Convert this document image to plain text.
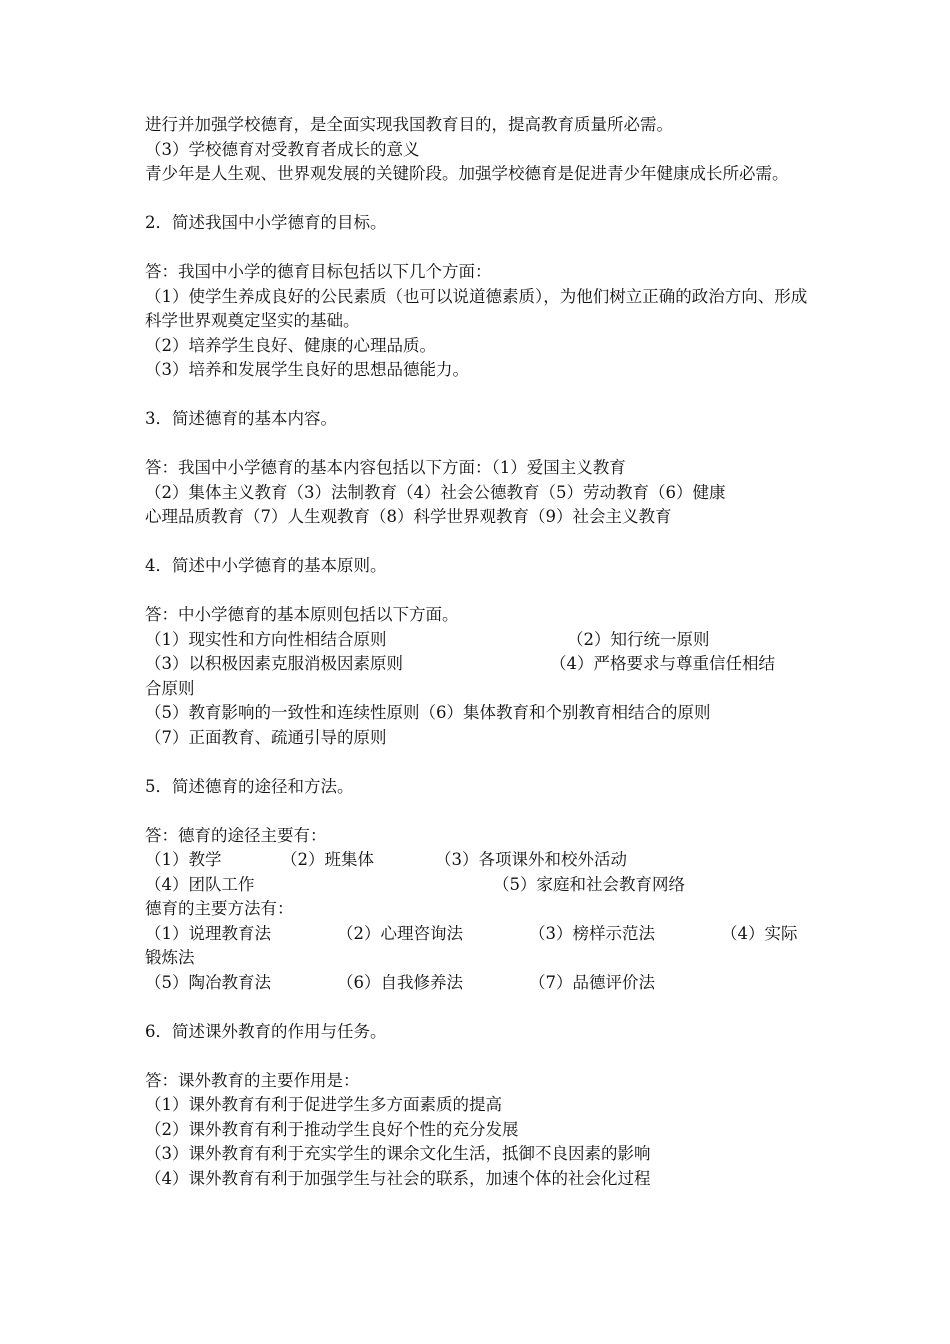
进行并加强学校德育，是全面实现我国教育目的，提高教育质量所必需。
（3）学校德育对受教育者成长的意义
青少年是人生观、世界观发展的关键阶段。加强学校德育是促进青少年健康成长所必需。
2．简述我国中小学德育的目标。
答：我国中小学的德育目标包括以下几个方面：
（1）使学生养成良好的公民素质（也可以说道德素质），为他们树立正确的政治方向、形成科学世界观奠定坚实的基础。
（2）培养学生良好、健康的心理品质。
（3）培养和发展学生良好的思想品德能力。
3．简述德育的基本内容。
答：我国中小学德育的基本内容包括以下方面：（1）爱国主义教育
（2）集体主义教育（3）法制教育（4）社会公德教育（5）劳动教育（6）健康
心理品质教育（7）人生观教育（8）科学世界观教育（9）社会主义教育
4．简述中小学德育的基本原则。
答：中小学德育的基本原则包括以下方面。
（1）现实性和方向性相结合原则	（2）知行统一原则
（3）以积极因素克服消极因素原则	（4）严格要求与尊重信任相结
合原则
（5）教育影响的一致性和连续性原则（6）集体教育和个别教育相结合的原则
（7）正面教育、疏通引导的原则
5．简述德育的途径和方法。
答：德育的途径主要有：
（1）教学	（2）班集体	（3）各项课外和校外活动
（4）团队工作	（5）家庭和社会教育网络
德育的主要方法有：
（1）说理教育法	（2）心理咨询法	（3）榜样示范法	（4）实际
锻炼法
（5）陶冶教育法	（6）自我修养法	（7）品德评价法
6．简述课外教育的作用与任务。
答：课外教育的主要作用是：
（1）课外教育有利于促进学生多方面素质的提高
（2）课外教育有利于推动学生良好个性的充分发展
（3）课外教育有利于充实学生的课余文化生活，抵御不良因素的影响
（4）课外教育有利于加强学生与社会的联系，加速个体的社会化过程
